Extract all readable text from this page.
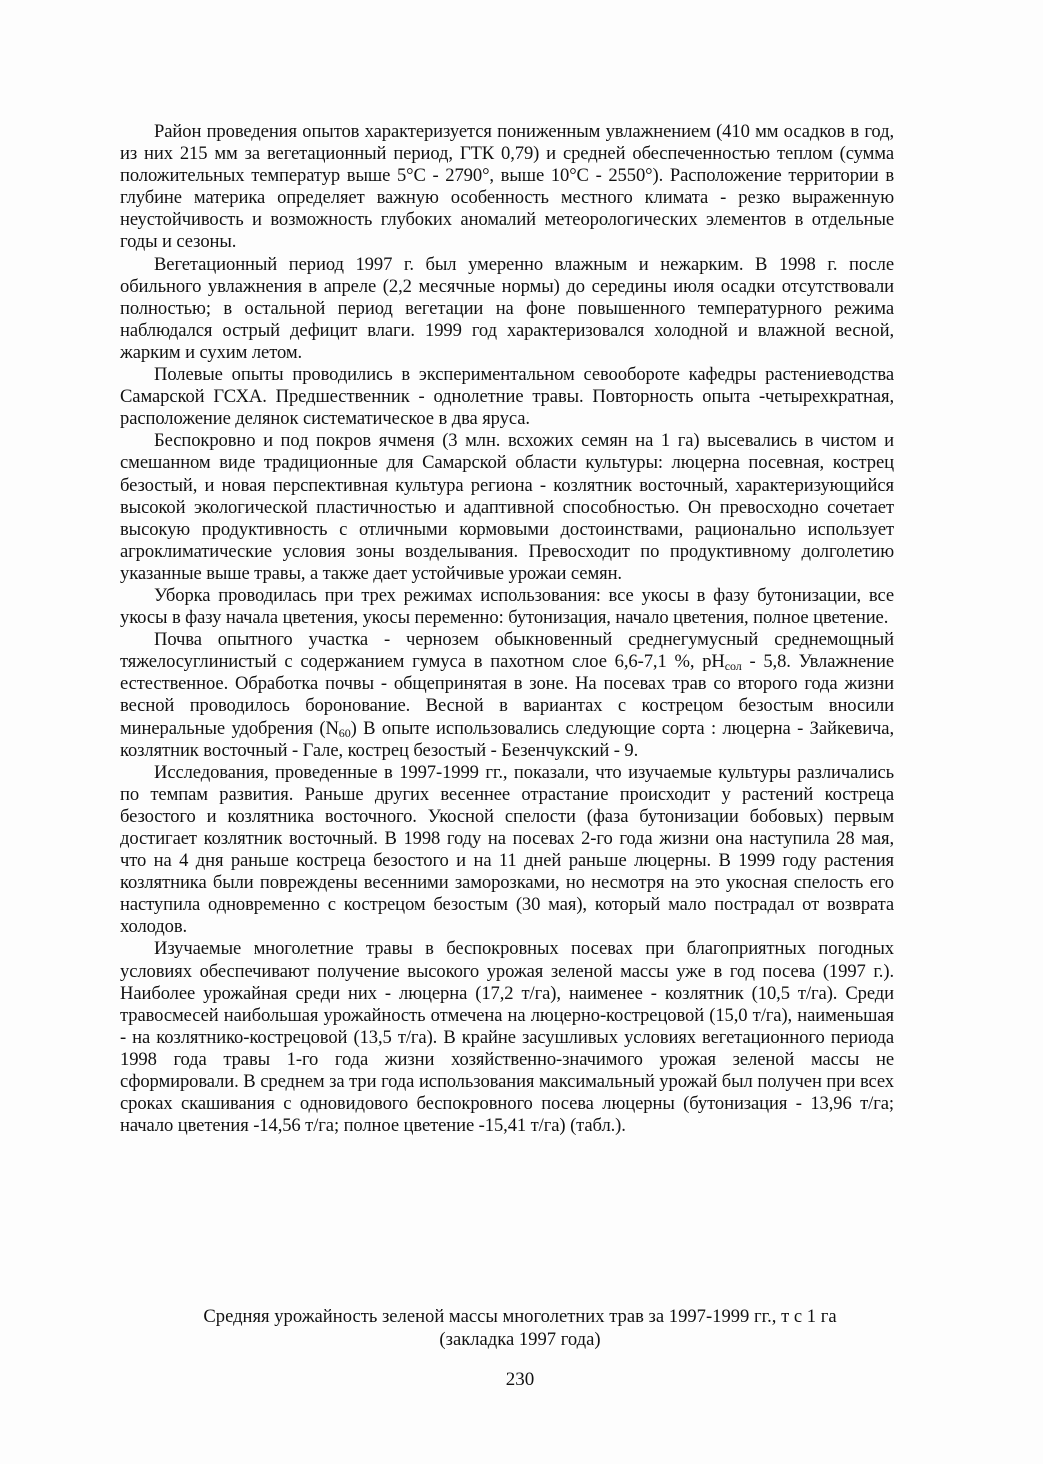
Район проведения опытов характеризуется пониженным увлажнением (410 мм осадков в год, из них 215 мм за вегетационный период, ГТК 0,79) и средней обеспеченностью теплом (сумма положительных температур выше 5°С - 2790°, выше 10°С - 2550°). Расположение территории в глубине материка определяет важную особенность местного климата - резко выраженную неустойчивость и возможность глубоких аномалий метеорологических элементов в отдельные годы и сезоны.

Вегетационный период 1997 г. был умеренно влажным и нежарким. В 1998 г. после обильного увлажнения в апреле (2,2 месячные нормы) до середины июля осадки отсутствовали полностью; в остальной период вегетации на фоне повышенного температурного режима наблюдался острый дефицит влаги. 1999 год характеризовался холодной и влажной весной, жарким и сухим летом.

Полевые опыты проводились в экспериментальном севообороте кафедры растениеводства Самарской ГСХА. Предшественник - однолетние травы. Повторность опыта -четырехкратная, расположение делянок систематическое в два яруса.

Беспокровно и под покров ячменя (3 млн. всхожих семян на 1 га) высевались в чистом и смешанном виде традиционные для Самарской области культуры: люцерна посевная, кострец безостый, и новая перспективная культура региона - козлятник восточный, характеризующийся высокой экологической пластичностью и адаптивной способностью. Он превосходно сочетает высокую продуктивность с отличными кормовыми достоинствами, рационально использует агроклиматические условия зоны возделывания. Превосходит по продуктивному долголетию указанные выше травы, а также дает устойчивые урожаи семян.

Уборка проводилась при трех режимах использования: все укосы в фазу бутонизации, все укосы в фазу начала цветения, укосы переменно: бутонизация, начало цветения, полное цветение.

Почва опытного участка - чернозем обыкновенный среднегумусный среднемощный тяжелосуглинистый с содержанием гумуса в пахотном слое 6,6-7,1 %, $pH_{сол} - 5,8$. Увлажнение естественное. Обработка почвы - общепринятая в зоне. На посевах трав со второго года жизни весной проводилось боронование. Весной в вариантах с кострецом безостым вносили минеральные удобрения $(N_{60})$ В опыте использовались следующие сорта : люцерна - Зайкевича, козлятник восточный - Гале, кострец безостый - Безенчукский - 9.

Исследования, проведенные в 1997-1999 гг., показали, что изучаемые культуры различались по темпам развития. Раньше других весеннее отрастание происходит у растений костреца безостого и козлятника восточного. Укосной спелости (фаза бутонизации бобовых) первым достигает козлятник восточный. В 1998 году на посевах 2-го года жизни она наступила 28 мая, что на 4 дня раньше костреца безостого и на 11 дней раньше люцерны. В 1999 году растения козлятника были повреждены весенними заморозками, но несмотря на это укосная спелость его наступила одновременно с кострецом безостым (30 мая), который мало пострадал от возврата холодов.

Изучаемые многолетние травы в беспокровных посевах при благоприятных погодных условиях обеспечивают получение высокого урожая зеленой массы уже в год посева (1997 г.). Наиболее урожайная среди них - люцерна (17,2 т/га), наименее - козлятник (10,5 т/га). Среди травосмесей наибольшая урожайность отмечена на люцерно-кострецовой (15,0 т/га), наименьшая - на козлятнико-кострецовой (13,5 т/га). В крайне засушливых условиях вегетационного периода 1998 года травы 1-го года жизни хозяйственно-значимого урожая зеленой массы не сформировали. В среднем за три года использования максимальный урожай был получен при всех сроках скашивания с одновидового беспокровного посева люцерны (бутонизация - 13,96 т/га; начало цветения -14,56 т/га; полное цветение -15,41 т/га) (табл.).

Средняя урожайность зеленой массы многолетних трав за 1997-1999 гг., т с 1 га
(закладка 1997 года)
230
